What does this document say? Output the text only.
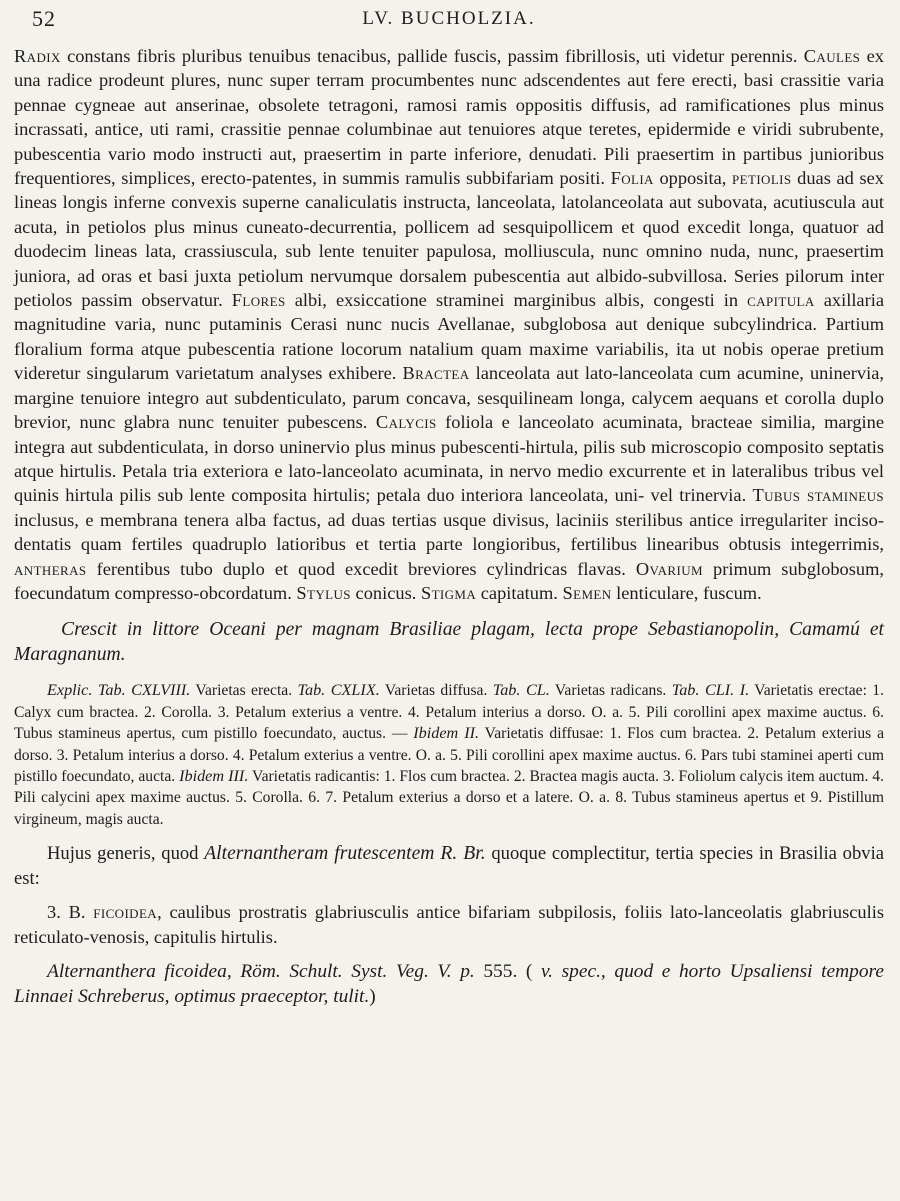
52	LV. BUCHOLZIA.

Radix constans fibris pluribus tenuibus tenacibus, pallide fuscis, passim fibrillosis, uti videtur perennis. Caules ex una radice prodeunt plures, nunc super terram procumbentes nunc adscendentes aut fere erecti, basi crassitie varia pennae cygneae aut anserinae, obsolete tetragoni, ramosi ramis oppositis diffusis, ad ramificationes plus minus incrassati, antice, uti rami, crassitie pennae columbinae aut tenuiores atque teretes, epidermide e viridi subrubente, pubescentia vario modo instructi aut, praesertim in parte inferiore, denudati. Pili praesertim in partibus junioribus frequentiores, simplices, erecto-patentes, in summis ramulis subbifariam positi. Folia opposita, petiolis duas ad sex lineas longis inferne convexis superne canaliculatis instructa, lanceolata, latolanceolata aut subovata, acutiuscula aut acuta, in petiolos plus minus cuneato-decurrentia, pollicem ad sesquipollicem et quod excedit longa, quatuor ad duodecim lineas lata, crassiuscula, sub lente tenuiter papulosa, molliuscula, nunc omnino nuda, nunc, praesertim juniora, ad oras et basi juxta petiolum nervumque dorsalem pubescentia aut albido-subvillosa. Series pilorum inter petiolos passim observatur. Flores albi, exsiccatione straminei marginibus albis, congesti in capitula axillaria magnitudine varia, nunc putaminis Cerasi nunc nucis Avellanae, subglobosa aut denique subcylindrica. Partium floralium forma atque pubescentia ratione locorum natalium quam maxime variabilis, ita ut nobis operae pretium videretur singularum varietatum analyses exhibere. Bractea lanceolata aut lato-lanceolata cum acumine, uninervia, margine tenuiore integro aut subdenticulato, parum concava, sesquilineam longa, calycem aequans et corolla duplo brevior, nunc glabra nunc tenuiter pubescens. Calycis foliola e lanceolato acuminata, bracteae similia, margine integra aut subdenticulata, in dorso uninervio plus minus pubescenti-hirtula, pilis sub microscopio composito septatis atque hirtulis. Petala tria exteriora e lato-lanceolato acuminata, in nervo medio excurrente et in lateralibus tribus vel quinis hirtula pilis sub lente composita hirtulis; petala duo interiora lanceolata, uni- vel trinervia. Tubus stamineus inclusus, e membrana tenera alba factus, ad duas tertias usque divisus, laciniis sterilibus antice irregulariter inciso-dentatis quam fertiles quadruplo latioribus et tertia parte longioribus, fertilibus linearibus obtusis integerrimis, antheras ferentibus tubo duplo et quod excedit breviores cylindricas flavas. Ovarium primum subglobosum, foecundatum compresso-obcordatum. Stylus conicus. Stigma capitatum. Semen lenticulare, fuscum.

Crescit in littore Oceani per magnam Brasiliae plagam, lecta prope Sebastianopolin, Camamú et Maragnanum.

Explic. Tab. CXLVIII. Varietas erecta. Tab. CXLIX. Varietas diffusa. Tab. CL. Varietas radicans. Tab. CLI. I. Varietatis erectae: 1. Calyx cum bractea. 2. Corolla. 3. Petalum exterius a ventre. 4. Petalum interius a dorso. O. a. 5. Pili corollini apex maxime auctus. 6. Tubus stamineus apertus, cum pistillo foecundato, auctus. — Ibidem II. Varietatis diffusae: 1. Flos cum bractea. 2. Petalum exterius a dorso. 3. Petalum interius a dorso. 4. Petalum exterius a ventre. O. a. 5. Pili corollini apex maxime auctus. 6. Pars tubi staminei aperti cum pistillo foecundato, aucta. Ibidem III. Varietatis radicantis: 1. Flos cum bractea. 2. Bractea magis aucta. 3. Foliolum calycis item auctum. 4. Pili calycini apex maxime auctus. 5. Corolla. 6. 7. Petalum exterius a dorso et a latere. O. a. 8. Tubus stamineus apertus et 9. Pistillum virgineum, magis aucta.

Hujus generis, quod Alternantheram frutescentem R. Br. quoque complectitur, tertia species in Brasilia obvia est:

3. B. ficoidea, caulibus prostratis glabriusculis antice bifariam subpilosis, foliis lato-lanceolatis glabriusculis reticulato-venosis, capitulis hirtulis.

Alternanthera ficoidea, Röm. Schult. Syst. Veg. V. p. 555. ( v. spec., quod e horto Upsaliensi tempore Linnaei Schreberus, optimus praeceptor, tulit.)
